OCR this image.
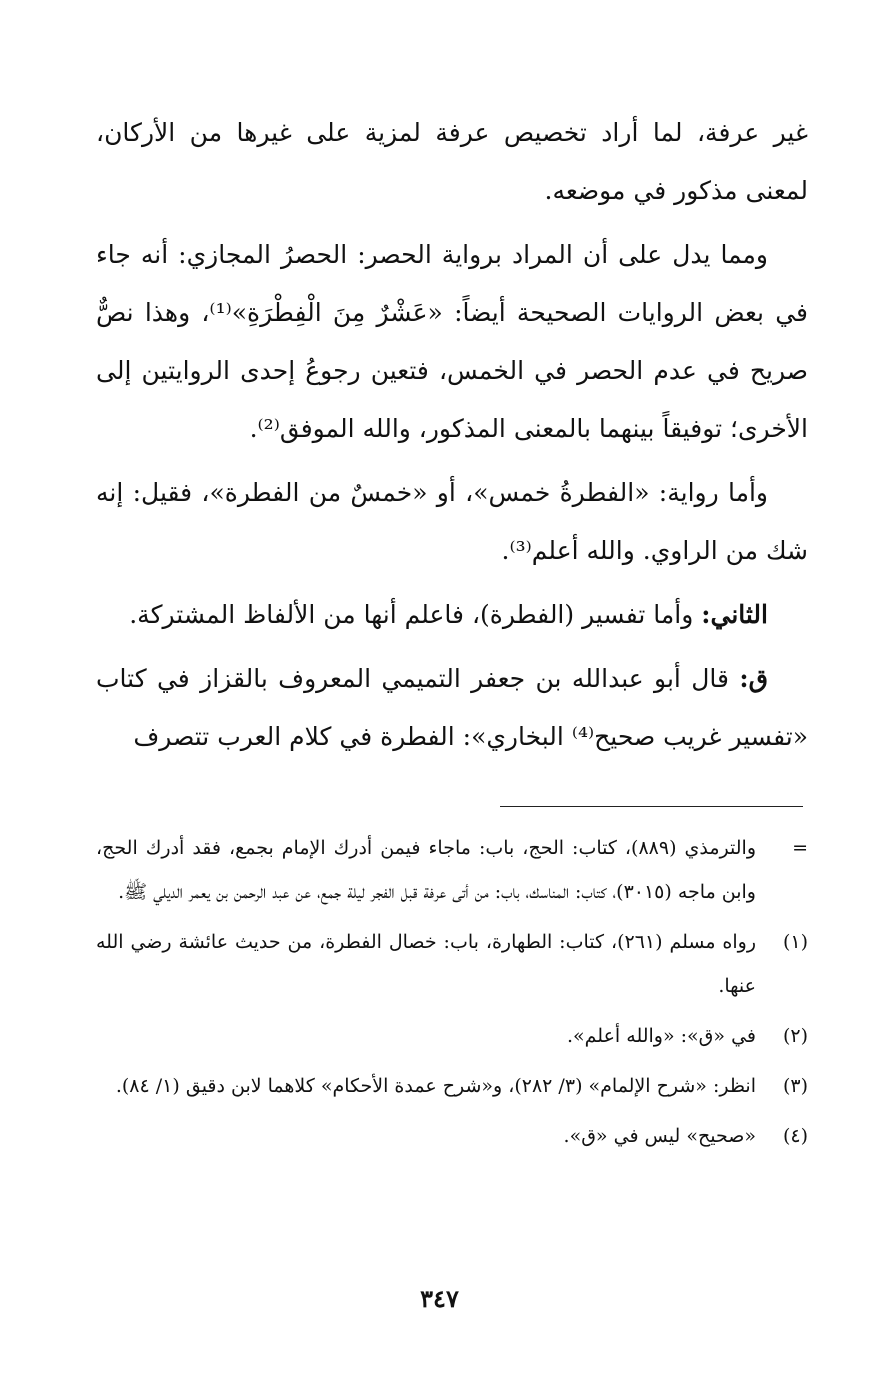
غير عرفة، لما أراد تخصيص عرفة لمزية على غيرها من الأركان، لمعنى مذكور في موضعه.

ومما يدل على أن المراد برواية الحصر: الحصرُ المجازي: أنه جاء في بعض الروايات الصحيحة أيضاً: «عَشْرٌ مِنَ الْفِطْرَةِ»⁽¹⁾، وهذا نصٌّ صريح في عدم الحصر في الخمس، فتعين رجوعُ إحدى الروايتين إلى الأخرى؛ توفيقاً بينهما بالمعنى المذكور، والله الموفق⁽²⁾.

وأما رواية: «الفطرةُ خمس»، أو «خمسٌ من الفطرة»، فقيل: إنه شك من الراوي. والله أعلم⁽³⁾.

الثاني: وأما تفسير (الفطرة)، فاعلم أنها من الألفاظ المشتركة.

ق: قال أبو عبدالله بن جعفر التميمي المعروف بالقزاز في كتاب «تفسير غريب صحيح⁽⁴⁾ البخاري»: الفطرة في كلام العرب تتصرف

=
والترمذي (٨٨٩)، كتاب: الحج، باب: ماجاء فيمن أدرك الإمام بجمع، فقد أدرك الحج، وابن ماجه (٣٠١٥)، كتاب: المناسك، باب: من أتى عرفة قبل الفجر ليلة جمع، عن عبد الرحمن بن يعمر الديلي ﷺ.
(١)
رواه مسلم (٢٦١)، كتاب: الطهارة، باب: خصال الفطرة، من حديث عائشة رضي الله عنها.
(٢)
في «ق»: «والله أعلم».
(٣)
انظر: «شرح الإلمام» (٣/ ٢٨٢)، و«شرح عمدة الأحكام» كلاهما لابن دقيق (١/ ٨٤).
(٤)
«صحيح» ليس في «ق».
٣٤٧
